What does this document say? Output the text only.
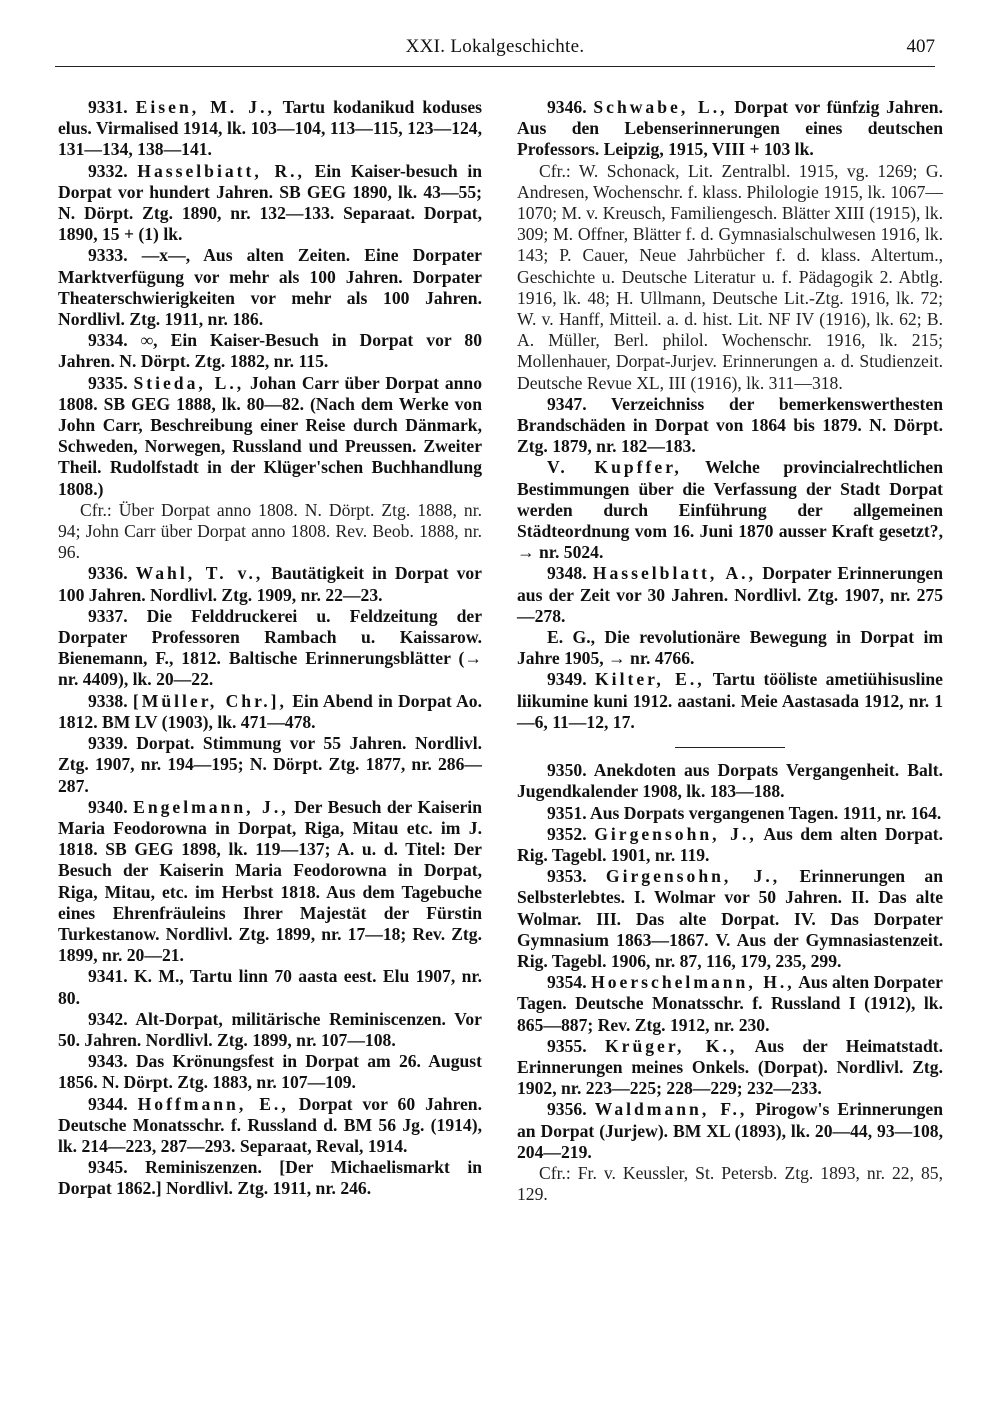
XXI. Lokalgeschichte.	407

9331. Eisen, M. J., Tartu kodanikud koduses elus. Virmalised 1914, lk. 103—104, 113—115, 123—124, 131—134, 138—141.

9332. Hasselbiatt, R., Ein Kaiser-besuch in Dorpat vor hundert Jahren. SB GEG 1890, lk. 43—55; N. Dörpt. Ztg. 1890, nr. 132—133. Separaat. Dorpat, 1890, 15 + (1) lk.

9333. —x—, Aus alten Zeiten. Eine Dorpater Marktverfügung vor mehr als 100 Jahren. Dorpater Theaterschwierigkeiten vor mehr als 100 Jahren. Nordlivl. Ztg. 1911, nr. 186.

9334. ∞, Ein Kaiser-Besuch in Dorpat vor 80 Jahren. N. Dörpt. Ztg. 1882, nr. 115.

9335. Stieda, L., Johan Carr über Dorpat anno 1808. SB GEG 1888, lk. 80—82. (Nach dem Werke von John Carr, Beschreibung einer Reise durch Dänmark, Schweden, Norwegen, Russland und Preussen. Zweiter Theil. Rudolfstadt in der Klüger'schen Buchhandlung 1808.)

Cfr.: Über Dorpat anno 1808. N. Dörpt. Ztg. 1888, nr. 94; John Carr über Dorpat anno 1808. Rev. Beob. 1888, nr. 96.

9336. Wahl, T. v., Bautätigkeit in Dorpat vor 100 Jahren. Nordlivl. Ztg. 1909, nr. 22—23.

9337. Die Felddruckerei u. Feldzeitung der Dorpater Professoren Rambach u. Kaissarow. Bienemann, F., 1812. Baltische Erinnerungsblätter (→ nr. 4409), lk. 20—22.

9338. [Müller, Chr.], Ein Abend in Dorpat Ao. 1812. BM LV (1903), lk. 471—478.

9339. Dorpat. Stimmung vor 55 Jahren. Nordlivl. Ztg. 1907, nr. 194—195; N. Dörpt. Ztg. 1877, nr. 286—287.

9340. Engelmann, J., Der Besuch der Kaiserin Maria Feodorowna in Dorpat, Riga, Mitau etc. im J. 1818. SB GEG 1898, lk. 119—137; A. u. d. Titel: Der Besuch der Kaiserin Maria Feodorowna in Dorpat, Riga, Mitau, etc. im Herbst 1818. Aus dem Tagebuche eines Ehrenfräuleins Ihrer Majestät der Fürstin Turkestanow. Nordlivl. Ztg. 1899, nr. 17—18; Rev. Ztg. 1899, nr. 20—21.

9341. K. M., Tartu linn 70 aasta eest. Elu 1907, nr. 80.

9342. Alt-Dorpat, militärische Reminiscenzen. Vor 50. Jahren. Nordlivl. Ztg. 1899, nr. 107—108.

9343. Das Krönungsfest in Dorpat am 26. August 1856. N. Dörpt. Ztg. 1883, nr. 107—109.

9344. Hoffmann, E., Dorpat vor 60 Jahren. Deutsche Monatsschr. f. Russland d. BM 56 Jg. (1914), lk. 214—223, 287—293. Separaat, Reval, 1914.

9345. Reminiszenzen. [Der Michaelismarkt in Dorpat 1862.] Nordlivl. Ztg. 1911, nr. 246.

9346. Schwabe, L., Dorpat vor fünfzig Jahren. Aus den Lebenserinnerungen eines deutschen Professors. Leipzig, 1915, VIII + 103 lk.

Cfr.: W. Schonack, Lit. Zentralbl. 1915, vg. 1269; G. Andresen, Wochenschr. f. klass. Philologie 1915, lk. 1067—1070; M. v. Kreusch, Familiengesch. Blätter XIII (1915), lk. 309; M. Offner, Blätter f. d. Gymnasialschulwesen 1916, lk. 143; P. Cauer, Neue Jahrbücher f. d. klass. Altertum., Geschichte u. Deutsche Literatur u. f. Pädagogik 2. Abtlg. 1916, lk. 48; H. Ullmann, Deutsche Lit.-Ztg. 1916, lk. 72; W. v. Hanff, Mitteil. a. d. hist. Lit. NF IV (1916), lk. 62; B. A. Müller, Berl. philol. Wochenschr. 1916, lk. 215; Mollenhauer, Dorpat-Jurjev. Erinnerungen a. d. Studienzeit. Deutsche Revue XL, III (1916), lk. 311—318.

9347. Verzeichniss der bemerkenswerthesten Brandschäden in Dorpat von 1864 bis 1879. N. Dörpt. Ztg. 1879, nr. 182—183.

V. Kupffer, Welche provincialrechtlichen Bestimmungen über die Verfassung der Stadt Dorpat werden durch Einführung der allgemeinen Städteordnung vom 16. Juni 1870 ausser Kraft gesetzt?, → nr. 5024.

9348. Hasselblatt, A., Dorpater Erinnerungen aus der Zeit vor 30 Jahren. Nordlivl. Ztg. 1907, nr. 275—278.

E. G., Die revolutionäre Bewegung in Dorpat im Jahre 1905, → nr. 4766.

9349. Kilter, E., Tartu tööliste ametiühisusline liikumine kuni 1912. aastani. Meie Aastasada 1912, nr. 1—6, 11—12, 17.

9350. Anekdoten aus Dorpats Vergangenheit. Balt. Jugendkalender 1908, lk. 183—188.

9351. Aus Dorpats vergangenen Tagen. 1911, nr. 164.

9352. Girgensohn, J., Aus dem alten Dorpat. Rig. Tagebl. 1901, nr. 119.

9353. Girgensohn, J., Erinnerungen an Selbsterlebtes. I. Wolmar vor 50 Jahren. II. Das alte Wolmar. III. Das alte Dorpat. IV. Das Dorpater Gymnasium 1863—1867. V. Aus der Gymnasiastenzeit. Rig. Tagebl. 1906, nr. 87, 116, 179, 235, 299.

9354. Hoerschelmann, H., Aus alten Dorpater Tagen. Deutsche Monatsschr. f. Russland I (1912), lk. 865—887; Rev. Ztg. 1912, nr. 230.

9355. Krüger, K., Aus der Heimatstadt. Erinnerungen meines Onkels. (Dorpat). Nordlivl. Ztg. 1902, nr. 223—225; 228—229; 232—233.

9356. Waldmann, F., Pirogow's Erinnerungen an Dorpat (Jurjew). BM XL (1893), lk. 20—44, 93—108, 204—219.

Cfr.: Fr. v. Keussler, St. Petersb. Ztg. 1893, nr. 22, 85, 129.
